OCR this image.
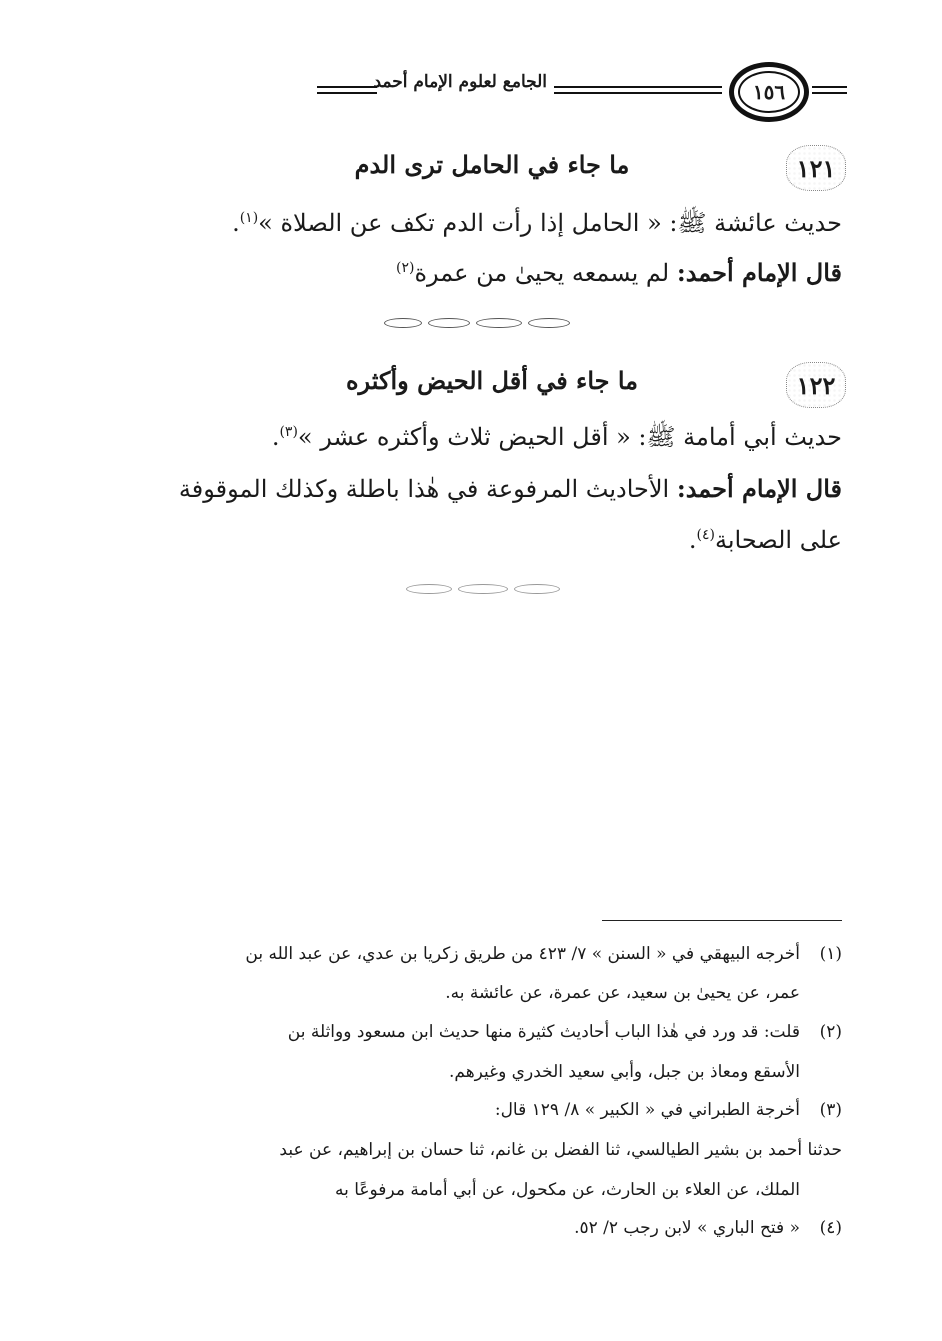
١٥٦
الجامع لعلوم الإمام أحمد
١٢١
ما جاء في الحامل ترى الدم
حديث عائشة ﷺ: « الحامل إذا رأت الدم تكف عن الصلاة »$^{(١)}$.
قال الإمام أحمد: لم يسمعه يحيىٰ من عمرة$^{(٢)}$
١٢٢
ما جاء في أقل الحيض وأكثره
حديث أبي أمامة ﷺ: « أقل الحيض ثلاث وأكثره عشر »$^{(٣)}$.
قال الإمام أحمد: الأحاديث المرفوعة في هٰذا باطلة وكذلك الموقوفة
على الصحابة$^{(٤)}$.
(١)أخرجه البيهقي في « السنن » ٧/ ٤٢٣ من طريق زكريا بن عدي، عن عبد الله بن
عمر، عن يحيىٰ بن سعيد، عن عمرة، عن عائشة به.
(٢)قلت: قد ورد في هٰذا الباب أحاديث كثيرة منها حديث ابن مسعود وواثلة بن
الأسقع ومعاذ بن جبل، وأبي سعيد الخدري وغيرهم.
(٣)أخرجة الطبراني في « الكبير » ٨/ ١٢٩ قال:
حدثنا أحمد بن بشير الطيالسي، ثنا الفضل بن غانم، ثنا حسان بن إبراهيم، عن عبد
الملك، عن العلاء بن الحارث، عن مكحول، عن أبي أمامة مرفوعًا به
(٤)« فتح الباري » لابن رجب ٢/ ٥٢.
